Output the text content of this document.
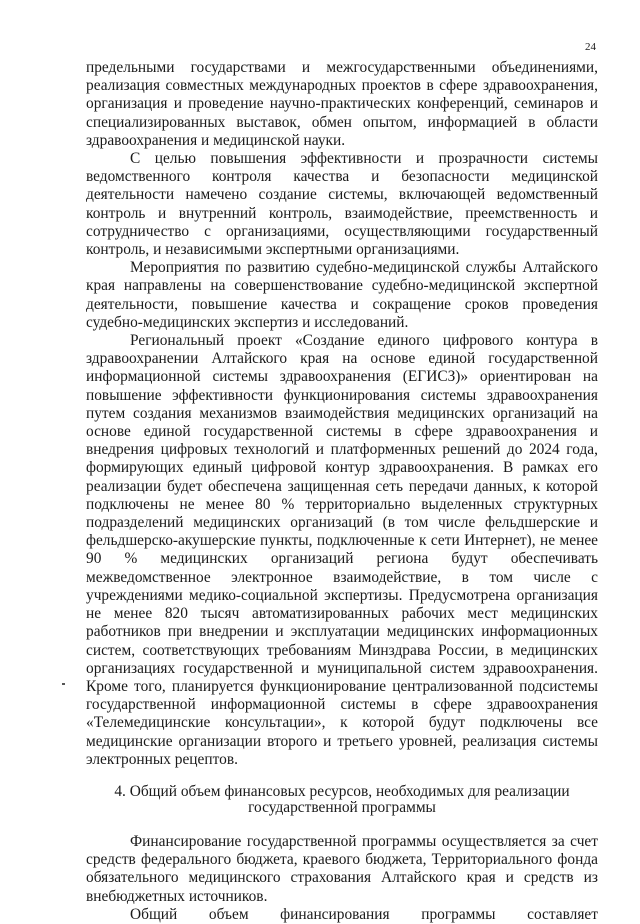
24

предельными государствами и межгосударственными объединениями, реализация совместных международных проектов в сфере здравоохранения, организация и проведение научно-практических конференций, семинаров и специализированных выставок, обмен опытом, информацией в области здравоохранения и медицинской науки.

С целью повышения эффективности и прозрачности системы ведомственного контроля качества и безопасности медицинской деятельности намечено создание системы, включающей ведомственный контроль и внутренний контроль, взаимодействие, преемственность и сотрудничество с организациями, осуществляющими государственный контроль, и независимыми экспертными организациями.

Мероприятия по развитию судебно-медицинской службы Алтайского края направлены на совершенствование судебно-медицинской экспертной деятельности, повышение качества и сокращение сроков проведения судебно-медицинских экспертиз и исследований.

Региональный проект «Создание единого цифрового контура в здравоохранении Алтайского края на основе единой государственной информационной системы здравоохранения (ЕГИСЗ)» ориентирован на повышение эффективности функционирования системы здравоохранения путем создания механизмов взаимодействия медицинских организаций на основе единой государственной системы в сфере здравоохранения и внедрения цифровых технологий и платформенных решений до 2024 года, формирующих единый цифровой контур здравоохранения. В рамках его реализации будет обеспечена защищенная сеть передачи данных, к которой подключены не менее 80 % территориально выделенных структурных подразделений медицинских организаций (в том числе фельдшерские и фельдшерско-акушерские пункты, подключенные к сети Интернет), не менее 90 % медицинских организаций региона будут обеспечивать межведомственное электронное взаимодействие, в том числе с учреждениями медико-социальной экспертизы. Предусмотрена организация не менее 820 тысяч автоматизированных рабочих мест медицинских работников при внедрении и эксплуатации медицинских информационных систем, соответствующих требованиям Минздрава России, в медицинских организациях государственной и муниципальной систем здравоохранения. Кроме того, планируется функционирование централизованной подсистемы государственной информационной системы в сфере здравоохранения «Телемедицинские консультации», к которой будут подключены все медицинские организации второго и третьего уровней, реализация системы электронных рецептов.

4. Общий объем финансовых ресурсов, необходимых для реализации
государственной программы

Финансирование государственной программы осуществляется за счет средств федерального бюджета, краевого бюджета, Территориального фонда обязательного медицинского страхования Алтайского края и средств из внебюджетных источников.

Общий объем финансирования программы составляет
